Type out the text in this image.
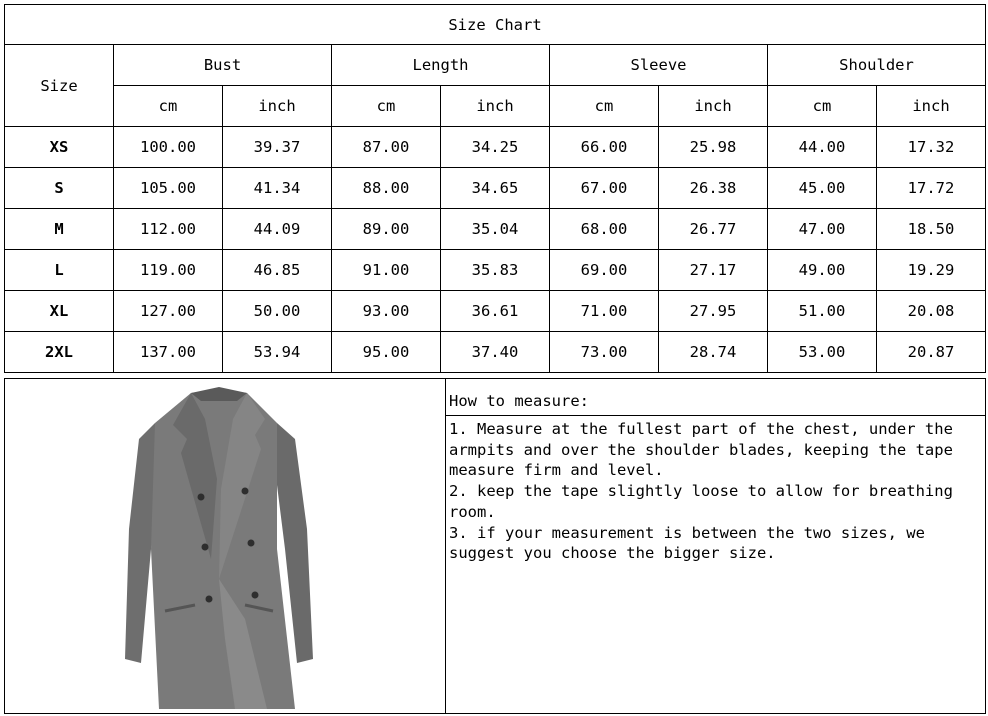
Size Chart								
Size	Bust		Length		Sleeve		Shoulder	
	cm	inch	cm	inch	cm	inch	cm	inch
XS	100.00	39.37	87.00	34.25	66.00	25.98	44.00	17.32
S	105.00	41.34	88.00	34.65	67.00	26.38	45.00	17.72
M	112.00	44.09	89.00	35.04	68.00	26.77	47.00	18.50
L	119.00	46.85	91.00	35.83	69.00	27.17	49.00	19.29
XL	127.00	50.00	93.00	36.61	71.00	27.95	51.00	20.08
2XL	137.00	53.94	95.00	37.40	73.00	28.74	53.00	20.87
How to measure:

1. Measure at the fullest part of the chest, under the armpits and over the shoulder blades, keeping the tape measure firm and level.

2. keep the tape slightly loose to allow for breathing room.

3. if your measurement is between the two sizes, we suggest you choose the bigger size.
